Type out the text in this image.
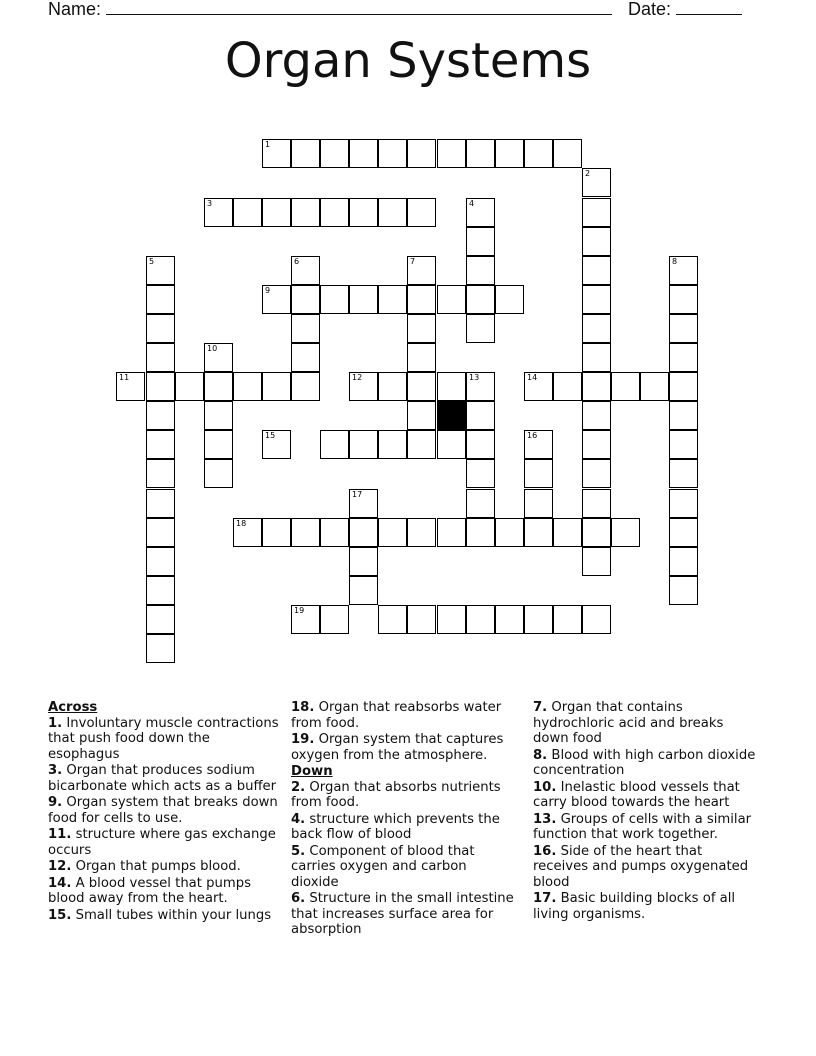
Name:	Date:
Organ Systems
1
2
3	4
5	6	7	8
9
10
11	12	13	14
15	16
17
18
19
Across
1. Involuntary muscle contractions that push food down the esophagus
3. Organ that produces sodium bicarbonate which acts as a buffer
9. Organ system that breaks down food for cells to use.
11. structure where gas exchange occurs
12. Organ that pumps blood.
14. A blood vessel that pumps blood away from the heart.
15. Small tubes within your lungs
18. Organ that reabsorbs water from food.
19. Organ system that captures oxygen from the atmosphere.
Down
2. Organ that absorbs nutrients from food.
4. structure which prevents the back flow of blood
5. Component of blood that carries oxygen and carbon dioxide
6. Structure in the small intestine that increases surface area for absorption
7. Organ that contains hydrochloric acid and breaks down food
8. Blood with high carbon dioxide concentration
10. Inelastic blood vessels that carry blood towards the heart
13. Groups of cells with a similar function that work together.
16. Side of the heart that receives and pumps oxygenated blood
17. Basic building blocks of all living organisms.
